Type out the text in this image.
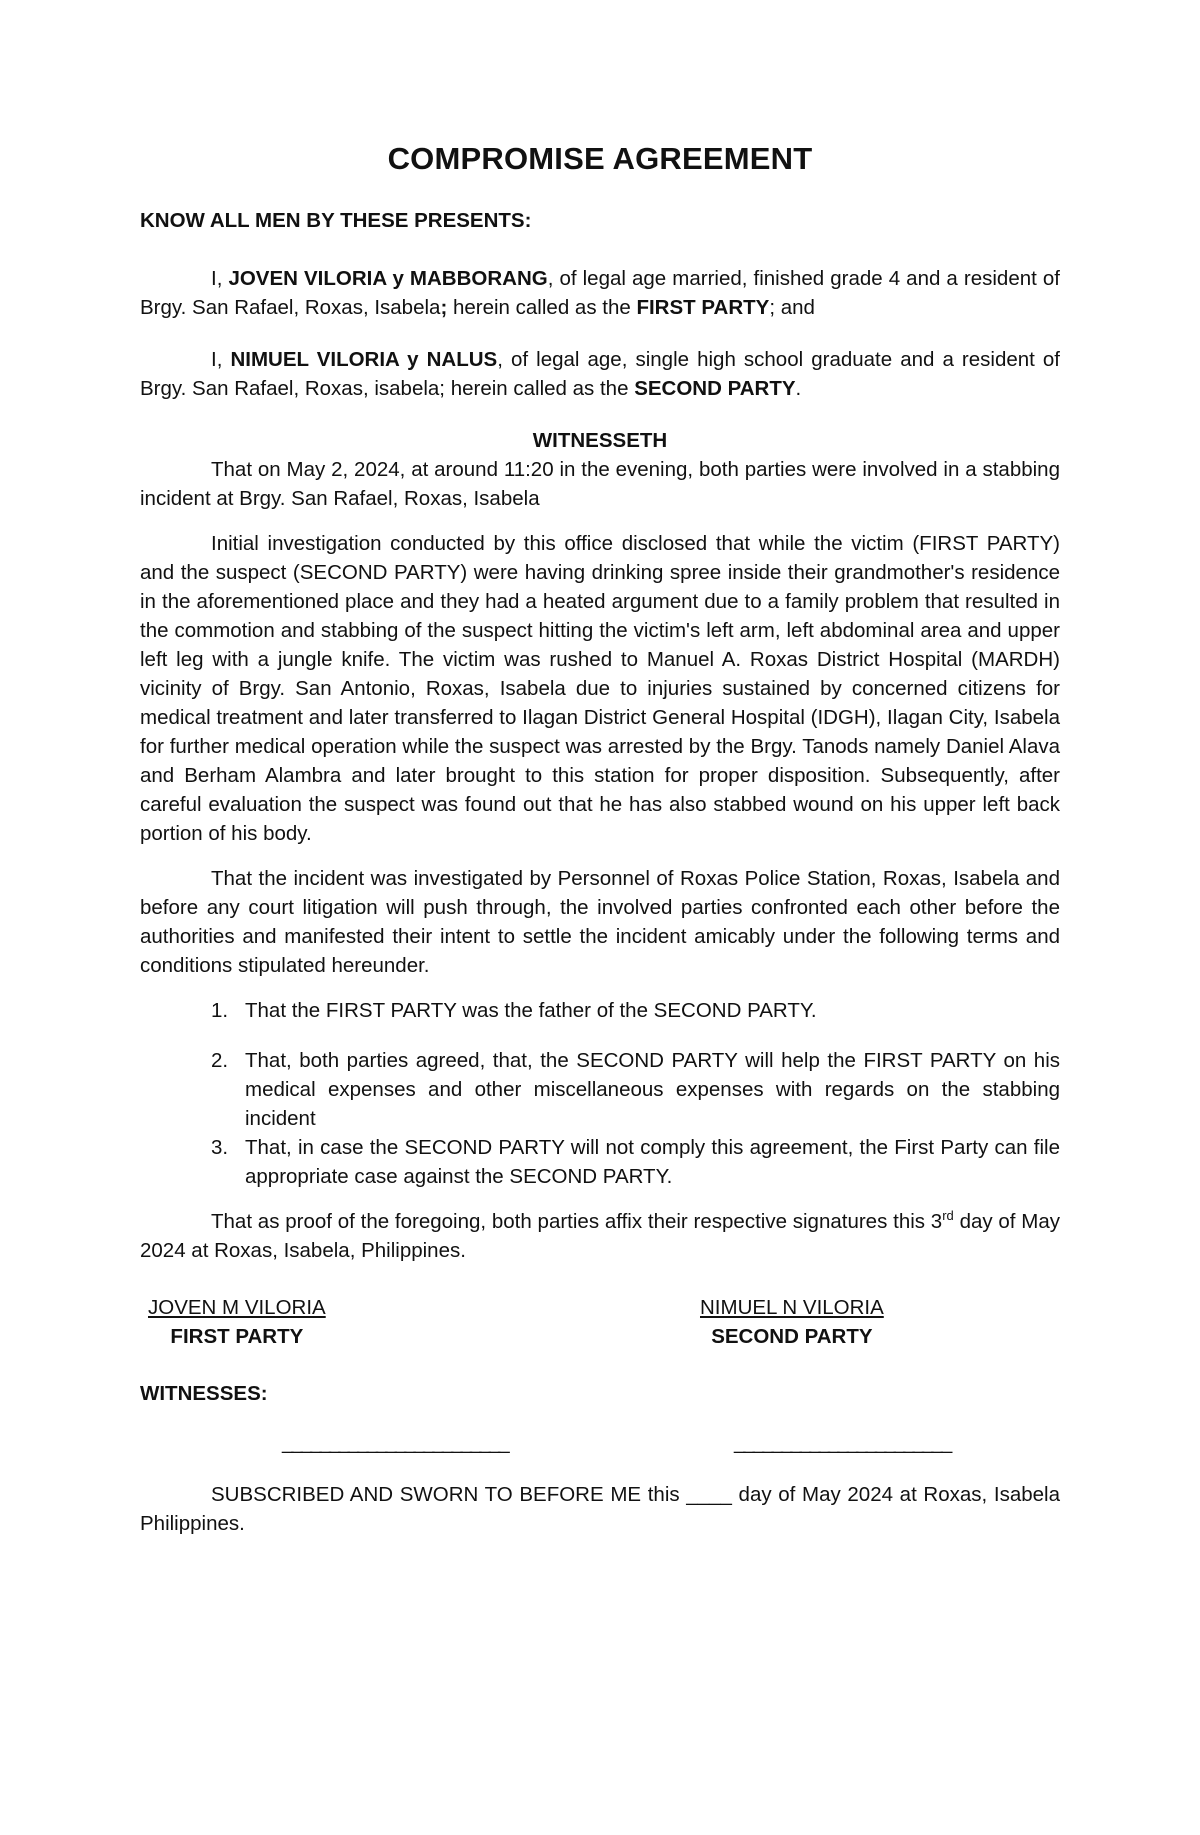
COMPROMISE AGREEMENT
KNOW ALL MEN BY THESE PRESENTS:

I, JOVEN VILORIA y MABBORANG, of legal age married, finished grade 4 and a resident of Brgy. San Rafael, Roxas, Isabela; herein called as the FIRST PARTY; and

I, NIMUEL VILORIA y NALUS, of legal age, single high school graduate and a resident of Brgy. San Rafael, Roxas, isabela; herein called as the SECOND PARTY.

WITNESSETH

That on May 2, 2024, at around 11:20 in the evening, both parties were involved in a stabbing incident at Brgy. San Rafael, Roxas, Isabela

Initial investigation conducted by this office disclosed that while the victim (FIRST PARTY) and the suspect (SECOND PARTY) were having drinking spree inside their grandmother's residence in the aforementioned place and they had a heated argument due to a family problem that resulted in the commotion and stabbing of the suspect hitting the victim's left arm, left abdominal area and upper left leg with a jungle knife. The victim was rushed to Manuel A. Roxas District Hospital (MARDH) vicinity of Brgy. San Antonio, Roxas, Isabela due to injuries sustained by concerned citizens for medical treatment and later transferred to Ilagan District General Hospital (IDGH), Ilagan City, Isabela for further medical operation while the suspect was arrested by the Brgy. Tanods namely Daniel Alava and Berham Alambra and later brought to this station for proper disposition. Subsequently, after careful evaluation the suspect was found out that he has also stabbed wound on his upper left back portion of his body.

That the incident was investigated by Personnel of Roxas Police Station, Roxas, Isabela and before any court litigation will push through, the involved parties confronted each other before the authorities and manifested their intent to settle the incident amicably under the following terms and conditions stipulated hereunder.

1. That the FIRST PARTY was the father of the SECOND PARTY.
2. That, both parties agreed, that, the SECOND PARTY will help the FIRST PARTY on his medical expenses and other miscellaneous expenses with regards on the stabbing incident
3. That, in case the SECOND PARTY will not comply this agreement, the First Party can file appropriate case against the SECOND PARTY.

That as proof of the foregoing, both parties affix their respective signatures this 3rd day of May 2024 at Roxas, Isabela, Philippines.

JOVEN M VILORIA
FIRST PARTY
NIMUEL N VILORIA
SECOND PARTY
WITNESSES:
________________________	_______________________

SUBSCRIBED AND SWORN TO BEFORE ME this ____ day of May 2024 at Roxas, Isabela Philippines.
